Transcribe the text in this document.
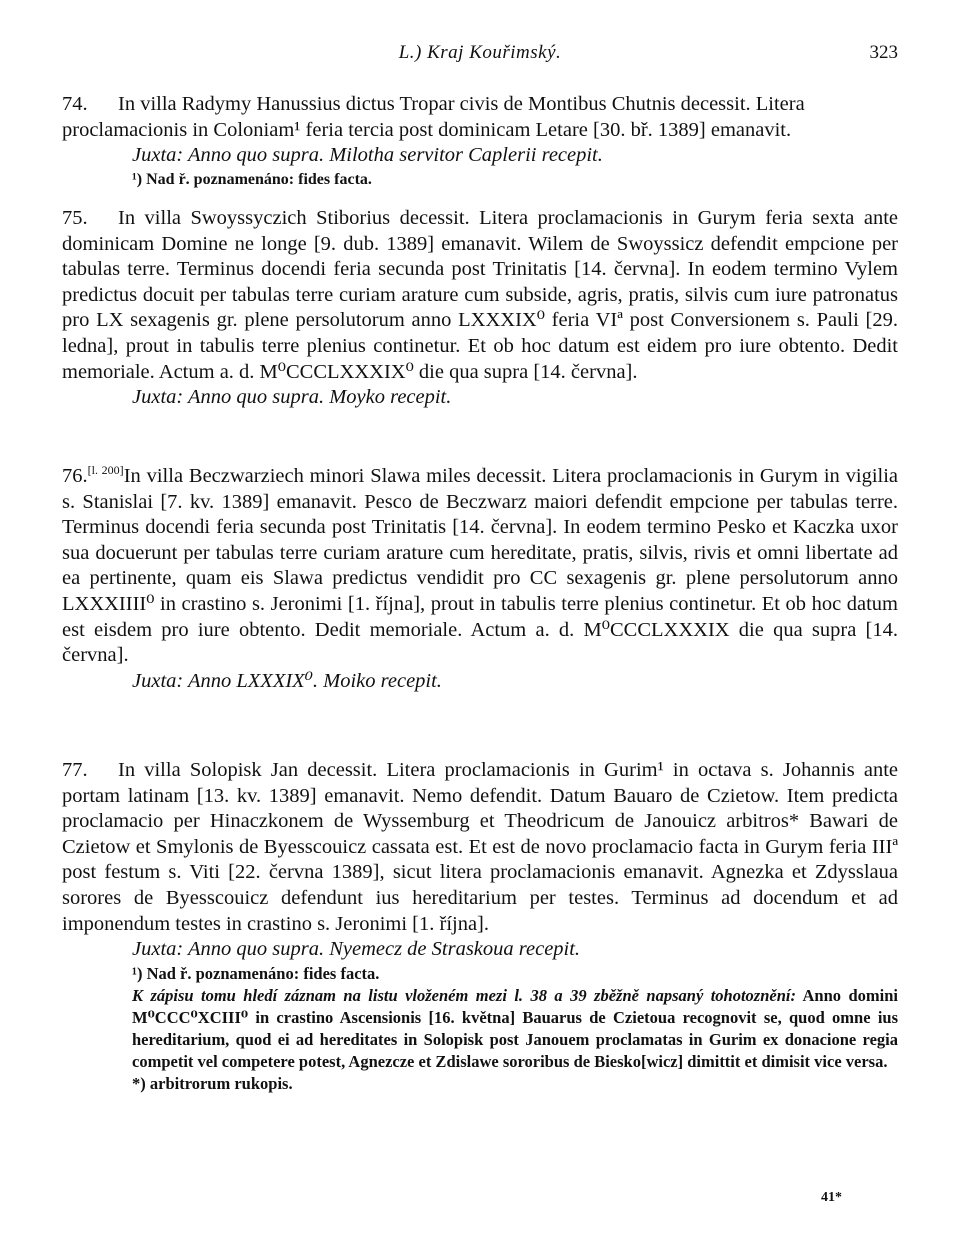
L.) Kraj Kouřimský.	323

74. In villa Radymy Hanussius dictus Tropar civis de Montibus Chutnis decessit. Litera

proclamacionis in Coloniam¹ feria tercia post dominicam Letare [30. bř. 1389] emanavit.

Juxta: Anno quo supra. Milotha servitor Caplerii recepit.

¹) Nad ř. poznamenáno: fides facta.

75. In villa Swoyssyczich Stiborius decessit. Litera proclamacionis in Gurym feria sexta ante dominicam Domine ne longe [9. dub. 1389] emanavit. Wilem de Swoyssicz defendit empcione per tabulas terre. Terminus docendi feria secunda post Trinitatis [14. června]. In eodem termino Vylem predictus docuit per tabulas terre curiam arature cum subside, agris, pratis, silvis cum iure patronatus pro LX sexagenis gr. plene persolutorum anno LXXXIX⁰ feria VIª post Conversionem s. Pauli [29. ledna], prout in tabulis terre plenius continetur. Et ob hoc datum est eidem pro iure obtento. Dedit memoriale. Actum a. d. M⁰CCCLXXXIX⁰ die qua supra [14. června].

Juxta: Anno quo supra. Moyko recepit.

76.[l. 200]In villa Beczwarziech minori Slawa miles decessit. Litera proclamacionis in Gurym in vigilia s. Stanislai [7. kv. 1389] emanavit. Pesco de Beczwarz maiori defendit empcione per tabulas terre. Terminus docendi feria secunda post Trinitatis [14. června]. In eodem termino Pesko et Kaczka uxor sua docuerunt per tabulas terre curiam arature cum hereditate, pratis, silvis, rivis et omni libertate ad ea pertinente, quam eis Slawa predictus vendidit pro CC sexagenis gr. plene persolutorum anno LXXXIIII⁰ in crastino s. Jeronimi [1. října], prout in tabulis terre plenius continetur. Et ob hoc datum est eisdem pro iure obtento. Dedit memoriale. Actum a. d. M⁰CCCLXXXIX die qua supra [14. června].

Juxta: Anno LXXXIX⁰. Moiko recepit.

77. In villa Solopisk Jan decessit. Litera proclamacionis in Gurim¹ in octava s. Johannis ante portam latinam [13. kv. 1389] emanavit. Nemo defendit. Datum Bauaro de Czietow. Item predicta proclamacio per Hinaczkonem de Wyssemburg et Theodricum de Janouicz arbitros* Bawari de Czietow et Smylonis de Byesscouicz cassata est. Et est de novo proclamacio facta in Gurym feria IIIª post festum s. Viti [22. června 1389], sicut litera proclamacionis emanavit. Agnezka et Zdysslaua sorores de Byesscouicz defendunt ius hereditarium per testes. Terminus ad docendum et ad imponendum testes in crastino s. Jeronimi [1. října].

Juxta: Anno quo supra. Nyemecz de Straskoua recepit.

¹) Nad ř. poznamenáno: fides facta.

K zápisu tomu hledí záznam na listu vloženém mezi l. 38 a 39 zběžně napsaný tohotoznění: Anno domini M⁰CCC⁰XCIII⁰ in crastino Ascensionis [16. května] Bauarus de Czietoua recognovit se, quod omne ius hereditarium, quod ei ad hereditates in Solopisk post Janouem proclamatas in Gurim ex donacione regia competit vel competere potest, Agnezcze et Zdislawe sororibus de Biesko[wicz] dimittit et dimisit vice versa.

*) arbitrorum rukopis.

41*
